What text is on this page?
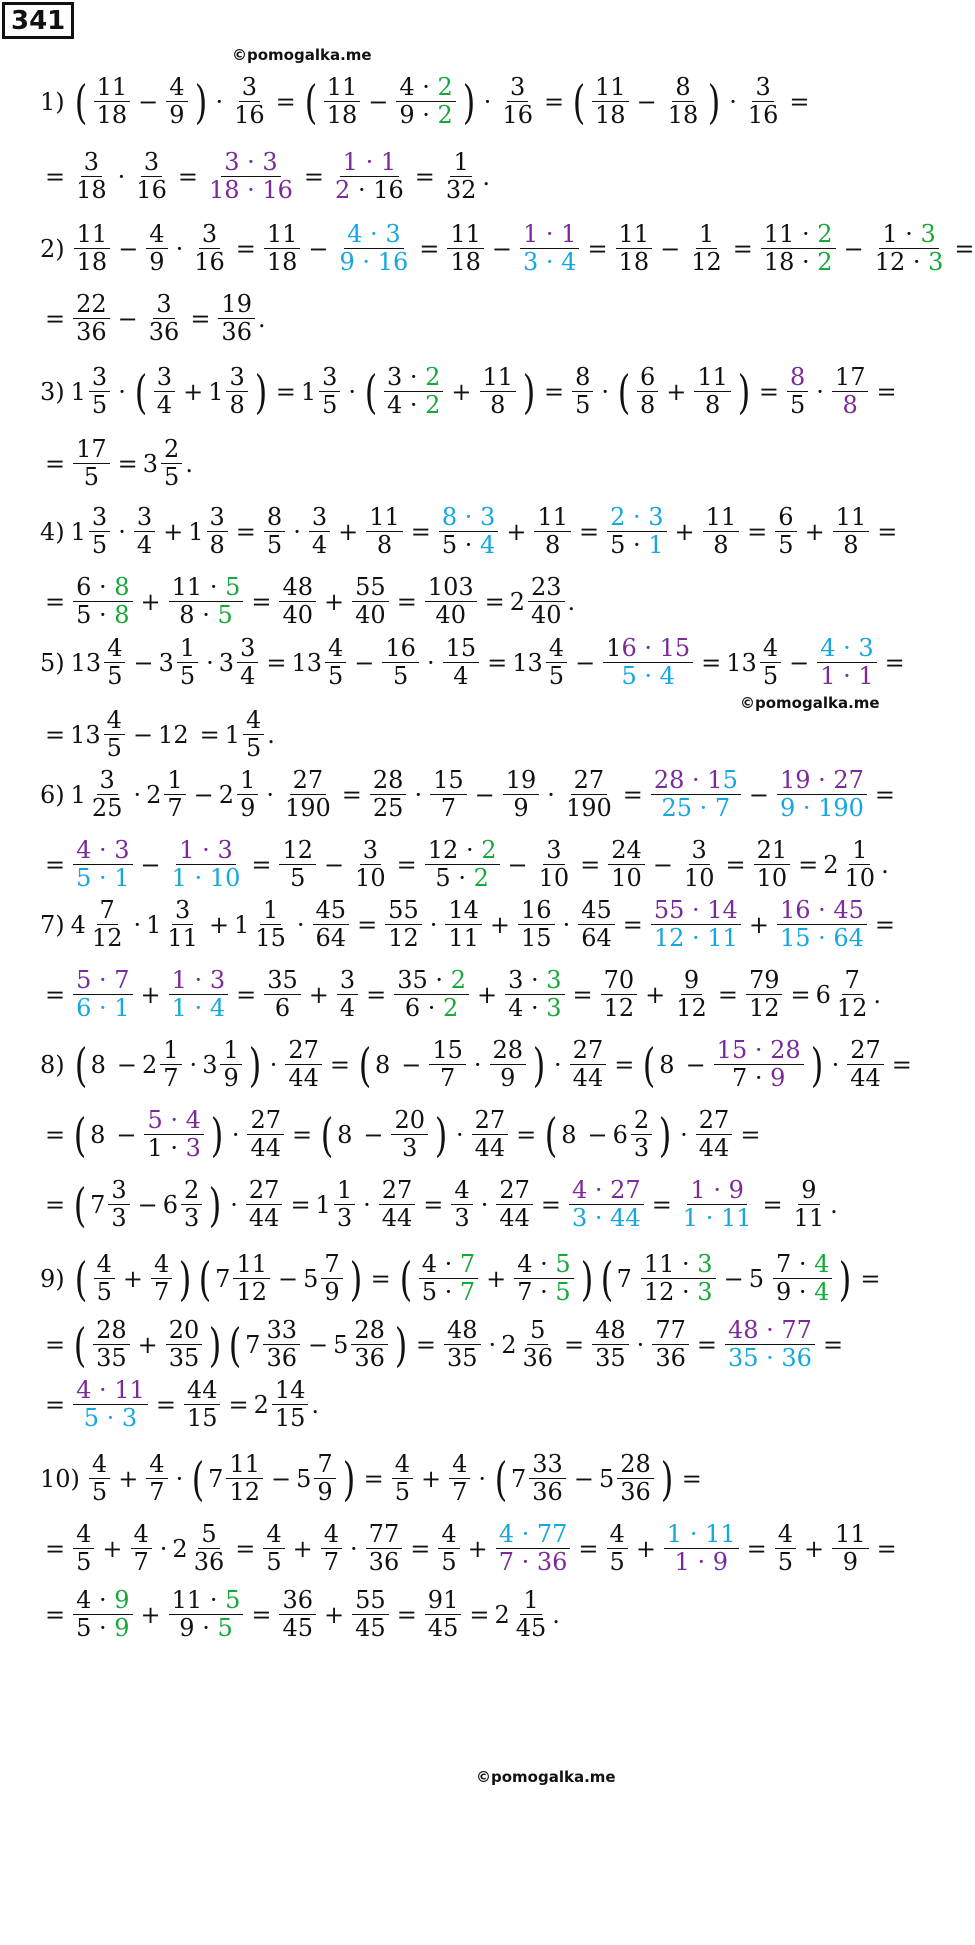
341
©pomogalka.me
©pomogalka.me
©pomogalka.me
1) ( $\frac{11}{18} - \frac{4}{9}$ ) · $\frac{3}{16}$ = ( $\frac{11}{18} - \frac{4 \cdot 2}{9 \cdot 2}$ ) · $\frac{3}{16}$ = ( $\frac{11}{18} - \frac{8}{18}$ ) · $\frac{3}{16}$ =
= $\frac{3}{18} \cdot \frac{3}{16} = \frac{3 \cdot 3}{18 \cdot 16} = \frac{1 \cdot 1}{2 \cdot 16} = \frac{1}{32}$ .
$2) \frac{11}{18} - \frac{4}{9} \cdot \frac{3}{16} = \frac{11}{18} - \frac{4 \cdot 3}{9 \cdot 16} = \frac{11}{18} - \frac{1 \cdot 1}{3 \cdot 4} = \frac{11}{18} - \frac{1}{12} = \frac{11 \cdot 2}{18 \cdot 2} - \frac{1 \cdot 3}{12 \cdot 3}$ =
= $\frac{22}{36} - \frac{3}{36} = \frac{19}{36}$ .
3) $1 \frac{3}{5}$ · ( $\frac{3}{4} + 1 \frac{3}{8}$ ) = $1 \frac{3}{5}$ · ( $\frac{3 \cdot 2}{4 \cdot 2} + \frac{11}{8}$ ) = $\frac{8}{5}$ · ( $\frac{6}{8} + \frac{11}{8}$ ) = $\frac{8}{5} \cdot \frac{17}{8}$ =
= $\frac{17}{5} = 3 \frac{2}{5}$ .
4) $1 \frac{3}{5} \cdot \frac{3}{4} + 1 \frac{3}{8} = \frac{8}{5} \cdot \frac{3}{4} + \frac{11}{8} = \frac{8 \cdot 3}{5 \cdot 4} + \frac{11}{8} = \frac{2 \cdot 3}{5 \cdot 1} + \frac{11}{8} = \frac{6}{5} + \frac{11}{8}$ =
= $\frac{6 \cdot 8}{5 \cdot 8} + \frac{11 \cdot 5}{8 \cdot 5} = \frac{48}{40} + \frac{55}{40} = \frac{103}{40} = 2 \frac{23}{40}$ .
5) $13 \frac{4}{5} - 3 \frac{1}{5} \cdot 3 \frac{3}{4} = 13 \frac{4}{5} - \frac{16}{5} \cdot \frac{15}{4} = 13 \frac{4}{5} - \frac{16 \cdot 15}{5 \cdot 4} = 13 \frac{4}{5} - \frac{4 \cdot 3}{1 \cdot 1}$ =
= $13 \frac{4}{5} - 12 = 1 \frac{4}{5}$ .
6) $1 \frac{3}{25} \cdot 2 \frac{1}{7} - 2 \frac{1}{9} \cdot \frac{27}{190} = \frac{28}{25} \cdot \frac{15}{7} - \frac{19}{9} \cdot \frac{27}{190} = \frac{28 \cdot 15}{25 \cdot 7} - \frac{19 \cdot 27}{9 \cdot 190}$ =
= $\frac{4 \cdot 3}{5 \cdot 1} - \frac{1 \cdot 3}{1 \cdot 10} = \frac{12}{5} - \frac{3}{10} = \frac{12 \cdot 2}{5 \cdot 2} - \frac{3}{10} = \frac{24}{10} - \frac{3}{10} = \frac{21}{10} = 2 \frac{1}{10}$ .
7) $4 \frac{7}{12} \cdot 1 \frac{3}{11} + 1 \frac{1}{15} \cdot \frac{45}{64} = \frac{55}{12} \cdot \frac{14}{11} + \frac{16}{15} \cdot \frac{45}{64} = \frac{55 \cdot 14}{12 \cdot 11} + \frac{16 \cdot 45}{15 \cdot 64}$ =
= $\frac{5 \cdot 7}{6 \cdot 1} + \frac{1 \cdot 3}{1 \cdot 4} = \frac{35}{6} + \frac{3}{4} = \frac{35 \cdot 2}{6 \cdot 2} + \frac{3 \cdot 3}{4 \cdot 3} = \frac{70}{12} + \frac{9}{12} = \frac{79}{12} = 6 \frac{7}{12}$ .
8) ( $8 - 2 \frac{1}{7} \cdot 3 \frac{1}{9}$ ) · $\frac{27}{44}$ = ( $8 - \frac{15}{7} \cdot \frac{28}{9}$ ) · $\frac{27}{44}$ = ( $8 - \frac{15 \cdot 28}{7 \cdot 9}$ ) · $\frac{27}{44}$ =
= ( $8 - \frac{5 \cdot 4}{1 \cdot 3}$ ) · $\frac{27}{44}$ = ( $8 - \frac{20}{3}$ ) · $\frac{27}{44}$ = ( $8 - 6 \frac{2}{3}$ ) · $\frac{27}{44}$ =
= ( $7 \frac{3}{3} - 6 \frac{2}{3}$ ) · $\frac{27}{44} = 1 \frac{1}{3} \cdot \frac{27}{44} = \frac{4}{3} \cdot \frac{27}{44} = \frac{4 \cdot 27}{3 \cdot 44} = \frac{1 \cdot 9}{1 \cdot 11} = \frac{9}{11}$ .
9) ( $\frac{4}{5} + \frac{4}{7}$ ) ( $7 \frac{11}{12} - 5 \frac{7}{9}$ ) = ( $\frac{4 \cdot 7}{5 \cdot 7} + \frac{4 \cdot 5}{7 \cdot 5}$ ) ( $7 \frac{11 \cdot 3}{12 \cdot 3} - 5 \frac{7 \cdot 4}{9 \cdot 4}$ ) =
= ( $\frac{28}{35} + \frac{20}{35}$ ) ( $7 \frac{33}{36} - 5 \frac{28}{36}$ ) = $\frac{48}{35} \cdot 2 \frac{5}{36} = \frac{48}{35} \cdot \frac{77}{36} = \frac{48 \cdot 77}{35 \cdot 36}$ =
= $\frac{4 \cdot 11}{5 \cdot 3} = \frac{44}{15} = 2 \frac{14}{15}$ .
$10) \frac{4}{5} + \frac{4}{7}$ · ( $7 \frac{11}{12} - 5 \frac{7}{9}$ ) = $\frac{4}{5} + \frac{4}{7}$ · ( $7 \frac{33}{36} - 5 \frac{28}{36}$ ) =
= $\frac{4}{5} + \frac{4}{7} \cdot 2 \frac{5}{36} = \frac{4}{5} + \frac{4}{7} \cdot \frac{77}{36} = \frac{4}{5} + \frac{4 \cdot 77}{7 \cdot 36} = \frac{4}{5} + \frac{1 \cdot 11}{1 \cdot 9} = \frac{4}{5} + \frac{11}{9}$ =
= $\frac{4 \cdot 9}{5 \cdot 9} + \frac{11 \cdot 5}{9 \cdot 5} = \frac{36}{45} + \frac{55}{45} = \frac{91}{45} = 2 \frac{1}{45}$ .
